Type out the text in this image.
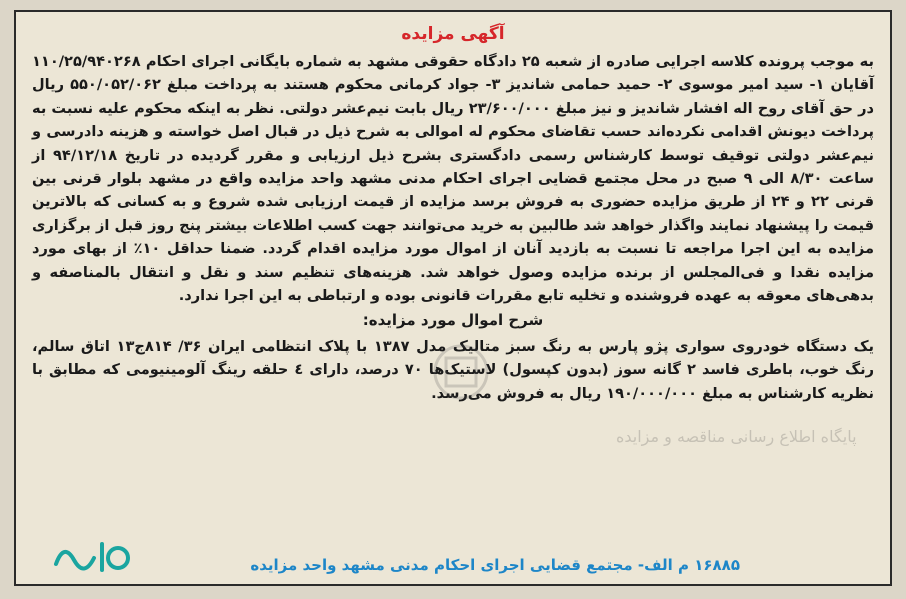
آگهی مزایده

به موجب پرونده کلاسه اجرایی صادره از شعبه ۲۵ دادگاه حقوقی مشهد به شماره بایگانی اجرای احکام ۱۱۰/۲۵/۹۴۰۲۶۸ آقایان ۱- سید امیر موسوی ۲- حمید حمامی شاندیز ۳- جواد کرمانی محکوم هستند به پرداخت مبلغ ۵۵۰/۰۵۲/۰۶۲ ریال در حق آقای روح اله افشار شاندیز و نیز مبلغ ۲۳/۶۰۰/۰۰۰ ریال بابت نیم‌عشر دولتی. نظر به اینکه محکوم علیه نسبت به پرداخت دیونش اقدامی نکرده‌اند حسب تقاضای محکوم له اموالی به شرح ذیل در قبال اصل خواسته و هزینه دادرسی و نیم‌عشر دولتی توقیف توسط کارشناس رسمی دادگستری بشرح ذیل ارزیابی و مقرر گردیده در تاریخ ۹۴/۱۲/۱۸ از ساعت ۸/۳۰ الی ۹ صبح در محل مجتمع قضایی اجرای احکام مدنی مشهد واحد مزایده واقع در مشهد بلوار قرنی بین قرنی ۲۲ و ۲۴ از طریق مزایده حضوری به فروش برسد مزایده از قیمت ارزیابی شده شروع و به کسانی که بالاترین قیمت را پیشنهاد نمایند واگذار خواهد شد طالبین به خرید می‌توانند جهت کسب اطلاعات بیشتر پنج روز قبل از برگزاری مزایده به این اجرا مراجعه تا نسبت به بازدید آنان از اموال مورد مزایده اقدام گردد. ضمنا حداقل ۱۰٪ از بهای مورد مزایده نقدا و فی‌المجلس از برنده مزایده وصول خواهد شد. هزینه‌های تنظیم سند و نقل و انتقال بالمناصفه و بدهی‌های معوقه به عهده فروشنده و تخلیه تابع مقررات قانونی بوده و ارتباطی به این اجرا ندارد.

شرح اموال مورد مزایده:

یک دستگاه خودروی سواری پژو پارس به رنگ سبز متالیک مدل ۱۳۸۷ با پلاک انتظامی ایران ۳۶/ ۸۱۴ج۱۳ اتاق سالم، رنگ خوب، باطری فاسد ۲ گانه سوز (بدون کپسول) لاستیک‌ها ۷۰ درصد، دارای ٤ حلقه رینگ آلومینیومی که مطابق با نظریه کارشناس به مبلغ ۱۹۰/۰۰۰/۰۰۰ ریال به فروش می‌رسد.

پایگاه اطلاع رسانی مناقصه و مزایده
۱۶۸۸۵ م الف- مجتمع قضایی اجرای احکام مدنی مشهد واحد مزایده
